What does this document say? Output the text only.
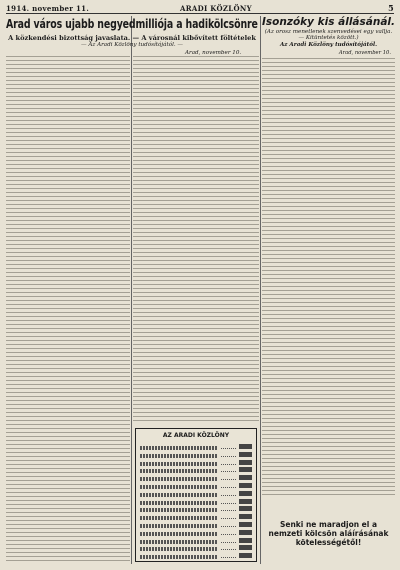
1914. november 11.	ARADI KÖZLÖNY	5
Arad város ujabb negyedmilliója a hadikölcsönre
A közkendési bizottság javaslata. — A városnál kibővített föltételek
— Az Aradi Közlöny tudósítójától. —
Arad, november 10.
AZ ARADI KÖZLÖNY
Isonzóky kis állásánál.
(Az orosz menetlenek szenvedései egy vallja. — Kitüntetés között.)
Az Aradi Közlöny tudósítójától.
Arad, november 10.
Senki ne maradjon el a nemzeti kölcsön aláírásának kötelességétől!
